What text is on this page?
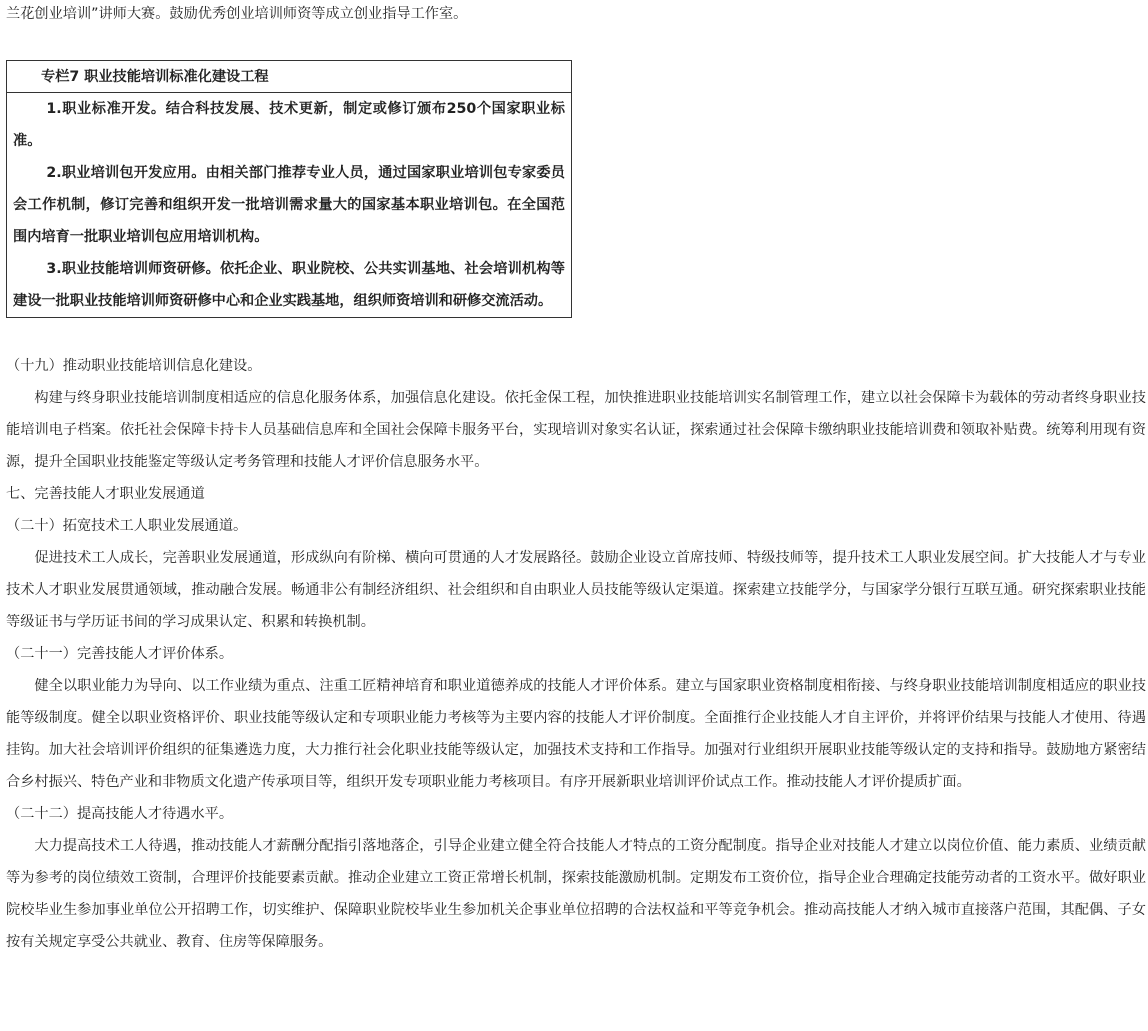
兰花创业培训”讲师大赛。鼓励优秀创业培训师资等成立创业指导工作室。

专栏7 职业技能培训标准化建设工程

1.职业标准开发。结合科技发展、技术更新，制定或修订颁布250个国家职业标准。

2.职业培训包开发应用。由相关部门推荐专业人员，通过国家职业培训包专家委员会工作机制，修订完善和组织开发一批培训需求量大的国家基本职业培训包。在全国范围内培育一批职业培训包应用培训机构。

3.职业技能培训师资研修。依托企业、职业院校、公共实训基地、社会培训机构等建设一批职业技能培训师资研修中心和企业实践基地，组织师资培训和研修交流活动。

（十九）推动职业技能培训信息化建设。

构建与终身职业技能培训制度相适应的信息化服务体系，加强信息化建设。依托金保工程，加快推进职业技能培训实名制管理工作，建立以社会保障卡为载体的劳动者终身职业技能培训电子档案。依托社会保障卡持卡人员基础信息库和全国社会保障卡服务平台，实现培训对象实名认证，探索通过社会保障卡缴纳职业技能培训费和领取补贴费。统筹利用现有资源，提升全国职业技能鉴定等级认定考务管理和技能人才评价信息服务水平。

七、完善技能人才职业发展通道

（二十）拓宽技术工人职业发展通道。

促进技术工人成长，完善职业发展通道，形成纵向有阶梯、横向可贯通的人才发展路径。鼓励企业设立首席技师、特级技师等，提升技术工人职业发展空间。扩大技能人才与专业技术人才职业发展贯通领域，推动融合发展。畅通非公有制经济组织、社会组织和自由职业人员技能等级认定渠道。探索建立技能学分，与国家学分银行互联互通。研究探索职业技能等级证书与学历证书间的学习成果认定、积累和转换机制。

（二十一）完善技能人才评价体系。

健全以职业能力为导向、以工作业绩为重点、注重工匠精神培育和职业道德养成的技能人才评价体系。建立与国家职业资格制度相衔接、与终身职业技能培训制度相适应的职业技能等级制度。健全以职业资格评价、职业技能等级认定和专项职业能力考核等为主要内容的技能人才评价制度。全面推行企业技能人才自主评价，并将评价结果与技能人才使用、待遇挂钩。加大社会培训评价组织的征集遴选力度，大力推行社会化职业技能等级认定，加强技术支持和工作指导。加强对行业组织开展职业技能等级认定的支持和指导。鼓励地方紧密结合乡村振兴、特色产业和非物质文化遗产传承项目等，组织开发专项职业能力考核项目。有序开展新职业培训评价试点工作。推动技能人才评价提质扩面。

（二十二）提高技能人才待遇水平。

大力提高技术工人待遇，推动技能人才薪酬分配指引落地落企，引导企业建立健全符合技能人才特点的工资分配制度。指导企业对技能人才建立以岗位价值、能力素质、业绩贡献等为参考的岗位绩效工资制，合理评价技能要素贡献。推动企业建立工资正常增长机制，探索技能激励机制。定期发布工资价位，指导企业合理确定技能劳动者的工资水平。做好职业院校毕业生参加事业单位公开招聘工作，切实维护、保障职业院校毕业生参加机关企事业单位招聘的合法权益和平等竞争机会。推动高技能人才纳入城市直接落户范围，其配偶、子女按有关规定享受公共就业、教育、住房等保障服务。
